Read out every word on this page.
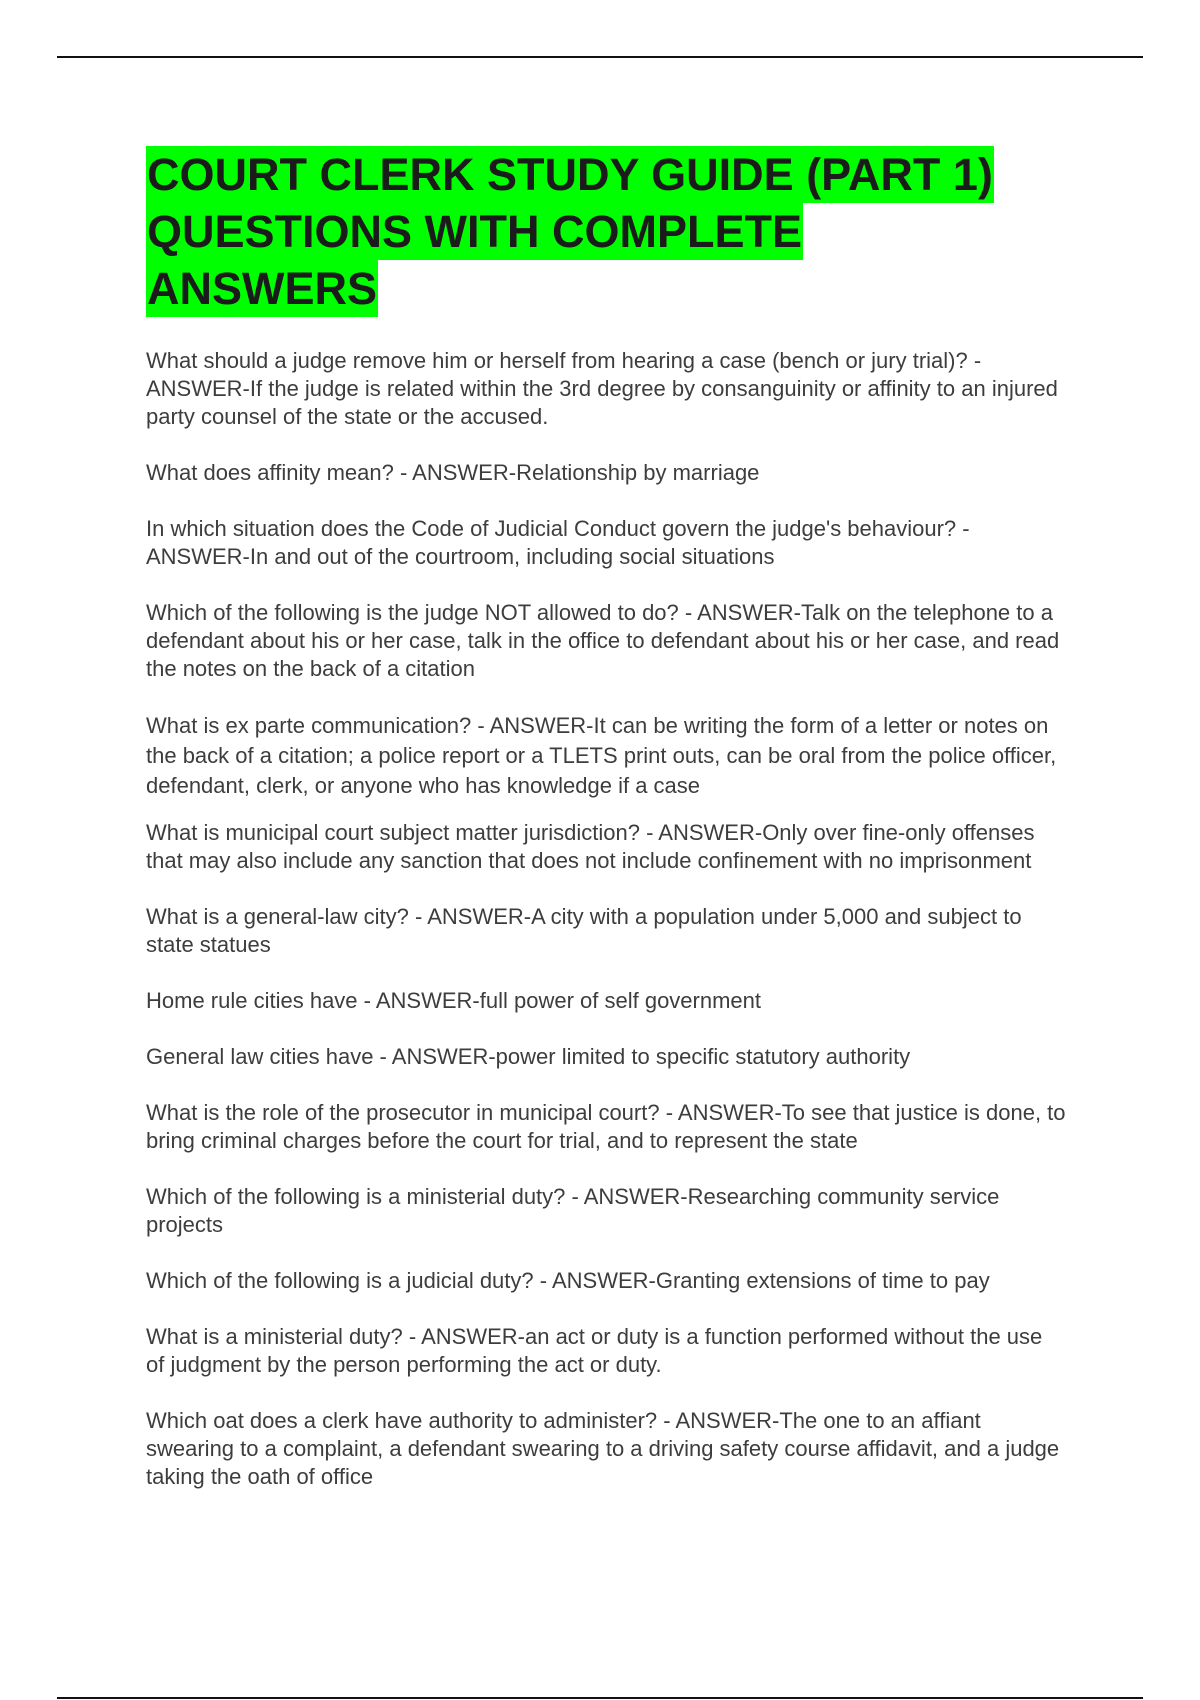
COURT CLERK STUDY GUIDE (PART 1)
QUESTIONS WITH COMPLETE
ANSWERS
What should a judge remove him or herself from hearing a case (bench or jury trial)? - ANSWER-If the judge is related within the 3rd degree by consanguinity or affinity to an injured party counsel of the state or the accused.
What does affinity mean? - ANSWER-Relationship by marriage
In which situation does the Code of Judicial Conduct govern the judge's behaviour? - ANSWER-In and out of the courtroom, including social situations
Which of the following is the judge NOT allowed to do? - ANSWER-Talk on the telephone to a defendant about his or her case, talk in the office to defendant about his or her case, and read the notes on the back of a citation
What is ex parte communication? - ANSWER-It can be writing the form of a letter or notes on the back of a citation; a police report or a TLETS print outs, can be oral from the police officer, defendant, clerk, or anyone who has knowledge if a case
What is municipal court subject matter jurisdiction? - ANSWER-Only over fine-only offenses that may also include any sanction that does not include confinement with no imprisonment
What is a general-law city? - ANSWER-A city with a population under 5,000 and subject to state statues
Home rule cities have - ANSWER-full power of self government
General law cities have - ANSWER-power limited to specific statutory authority
What is the role of the prosecutor in municipal court? - ANSWER-To see that justice is done, to bring criminal charges before the court for trial, and to represent the state
Which of the following is a ministerial duty? - ANSWER-Researching community service projects
Which of the following is a judicial duty? - ANSWER-Granting extensions of time to pay
What is a ministerial duty? - ANSWER-an act or duty is a function performed without the use of judgment by the person performing the act or duty.
Which oat does a clerk have authority to administer? - ANSWER-The one to an affiant swearing to a complaint, a defendant swearing to a driving safety course affidavit, and a judge taking the oath of office
